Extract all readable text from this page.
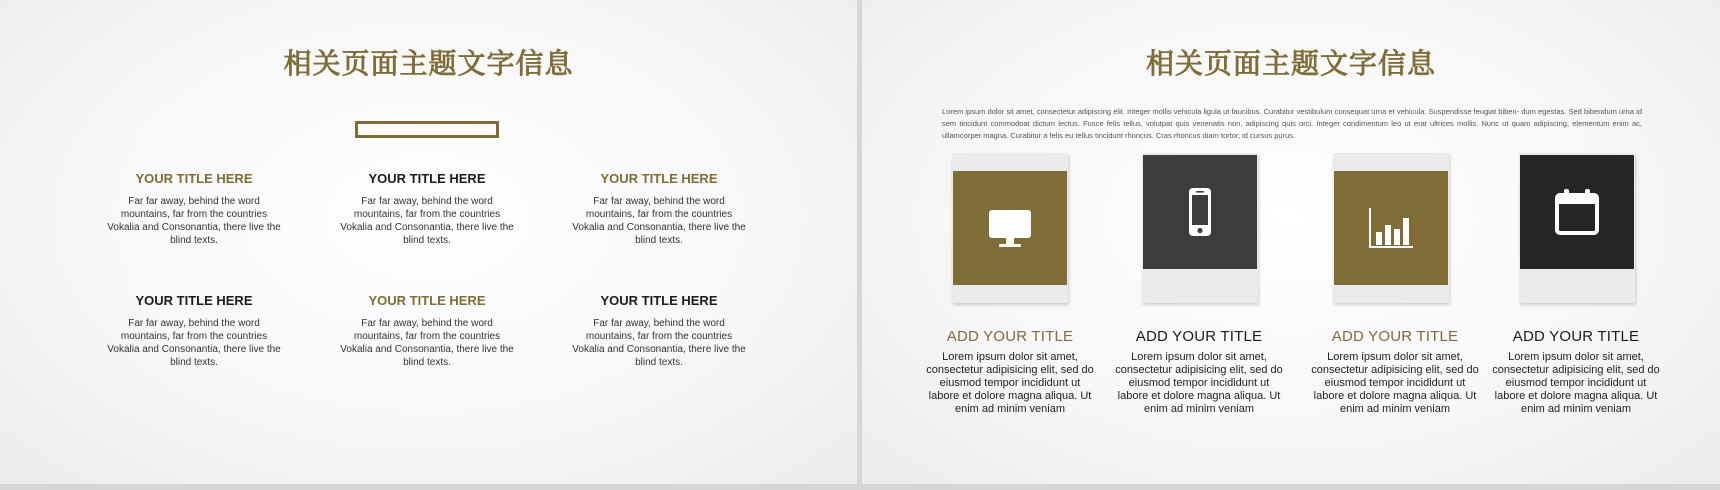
相关页面主题文字信息

YOUR TITLE HERE

Far far away, behind the word mountains, far from the countries Vokalia and Consonantia, there live the blind texts.

YOUR TITLE HERE

Far far away, behind the word mountains, far from the countries Vokalia and Consonantia, there live the blind texts.

YOUR TITLE HERE

Far far away, behind the word mountains, far from the countries Vokalia and Consonantia, there live the blind texts.

YOUR TITLE HERE

Far far away, behind the word mountains, far from the countries Vokalia and Consonantia, there live the blind texts.

YOUR TITLE HERE

Far far away, behind the word mountains, far from the countries Vokalia and Consonantia, there live the blind texts.

YOUR TITLE HERE

Far far away, behind the word mountains, far from the countries Vokalia and Consonantia, there live the blind texts.

相关页面主题文字信息

Lorem ipsum dolor sit amet, consectetur adipiscing elit. Integer mollis vehicula ligula ut faucibus. Curabitur vestibulum consequat urna et vehicula. Suspendisse feugiat biben- dum egestas. Sed bibendum urna id sem tincidunt commodoat dictum lectus. Fusce felis tellus, volutpat quis venenatis non, adipiscing quis orci. Integer condimentum leo ut erat ultrices mollis. Nunc ut quam adipiscing, elementum enim ac, ullamcorper magna. Curabitur a felis eu tellus tincidunt rhoncus. Cras rhoncus diam tortor, id cursus purus.

ADD YOUR TITLE

Lorem ipsum dolor sit amet, consectetur adipisicing elit, sed do eiusmod tempor incididunt ut labore et dolore magna aliqua. Ut enim ad minim veniam

ADD YOUR TITLE

Lorem ipsum dolor sit amet, consectetur adipisicing elit, sed do eiusmod tempor incididunt ut labore et dolore magna aliqua. Ut enim ad minim veniam

ADD YOUR TITLE

Lorem ipsum dolor sit amet, consectetur adipisicing elit, sed do eiusmod tempor incididunt ut labore et dolore magna aliqua. Ut enim ad minim veniam

ADD YOUR TITLE

Lorem ipsum dolor sit amet, consectetur adipisicing elit, sed do eiusmod tempor incididunt ut labore et dolore magna aliqua. Ut enim ad minim veniam
